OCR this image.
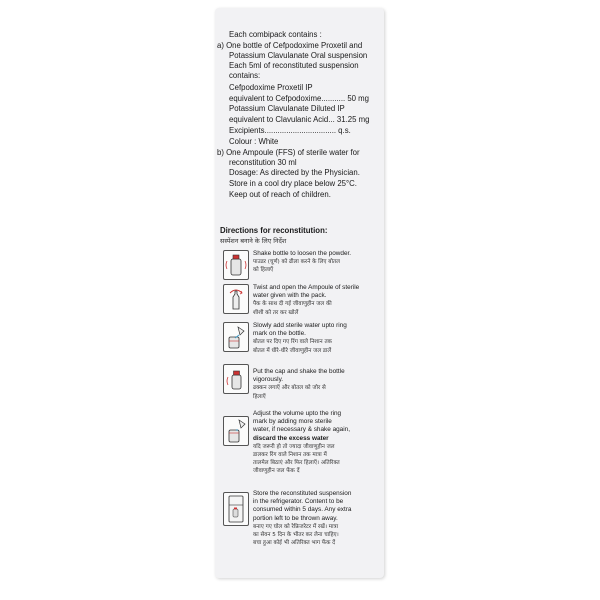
Each combipack contains :
a) One bottle of Cefpodoxime Proxetil and
Potassium Clavulanate Oral suspension
Each 5ml of reconstituted suspension
contains:
Cefpodoxime Proxetil IP
equivalent to Cefpodoxime........... 50 mg
Potassium Clavulanate Diluted IP
equivalent to Clavulanic Acid... 31.25 mg
Excipients................................. q.s.
Colour : White
b) One Ampoule (FFS) of sterile water for
reconstitution 30 ml
Dosage: As directed by the Physician.
Store in a cool dry place below 25°C.
Keep out of reach of children.
Directions for reconstitution:
सस्पेंशन बनाने के लिए निर्देश
Shake bottle to loosen the powder.
पाउडर (चूर्ण) को ढीला करने के लिए बोतल
को हिलाएँ
Twist and open the Ampoule of sterile
water given with the pack.
पैक के साथ दी गई जीवाणुहीन जल की
शीशी को तर कर खोलें
Slowly add sterile water upto ring
mark on the bottle.
बोतल पर दिए गए रिंग वाले निशान तक
बोतल में धीरे-धीरे जीवाणुहीन जल डालें
Put the cap and shake the bottle
vigorously.
ढक्कन लगाएँ और बोतल को जोर से
हिलाएँ
Adjust the volume upto the ring
mark by adding more sterile
water, if necessary & shake again,
discard the excess water
यदि जरूरी हो तो ज्यादा जीवाणुहीन जल
डालकर रिंग वाले निशान तक मात्रा में
तालमेल बिठाएं और फिर हिलाएँ। अतिरिक्त
जीवाणुहीन जल फेंक दें
Store the reconstituted suspension
in the refrigerator. Content to be
consumed within 5 days. Any extra
portion left to be thrown away.
बनाए गए घोल को रेफ्रिजरेटर में रखें। मात्रा
का सेवन 5 दिन के भीतर कर लेना चाहिए।
बचा हुआ कोई भी अतिरिक्त भाग फेंक दें
